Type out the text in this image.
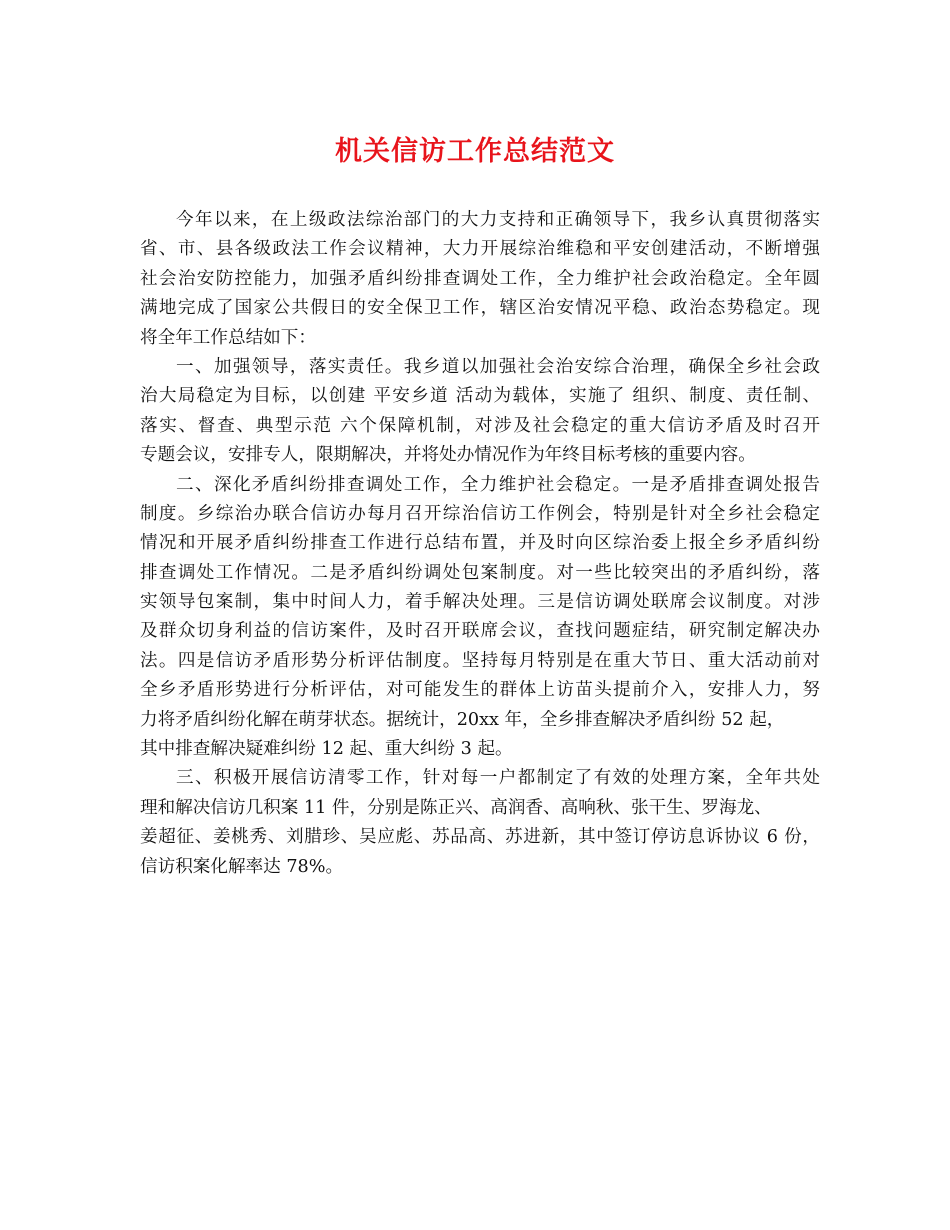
机关信访工作总结范文
今年以来，在上级政法综治部门的大力支持和正确领导下，我乡认真贯彻落实
省、市、县各级政法工作会议精神，大力开展综治维稳和平安创建活动，不断增强
社会治安防控能力，加强矛盾纠纷排查调处工作，全力维护社会政治稳定。全年圆
满地完成了国家公共假日的安全保卫工作，辖区治安情况平稳、政治态势稳定。现
将全年工作总结如下：
一、加强领导，落实责任。我乡道以加强社会治安综合治理，确保全乡社会政
治大局稳定为目标，以创建 平安乡道 活动为载体，实施了 组织、制度、责任制、
落实、督查、典型示范 六个保障机制，对涉及社会稳定的重大信访矛盾及时召开
专题会议，安排专人，限期解决，并将处办情况作为年终目标考核的重要内容。
二、深化矛盾纠纷排查调处工作，全力维护社会稳定。一是矛盾排查调处报告
制度。乡综治办联合信访办每月召开综治信访工作例会，特别是针对全乡社会稳定
情况和开展矛盾纠纷排查工作进行总结布置，并及时向区综治委上报全乡矛盾纠纷
排查调处工作情况。二是矛盾纠纷调处包案制度。对一些比较突出的矛盾纠纷，落
实领导包案制，集中时间人力，着手解决处理。三是信访调处联席会议制度。对涉
及群众切身利益的信访案件，及时召开联席会议，查找问题症结，研究制定解决办
法。四是信访矛盾形势分析评估制度。坚持每月特别是在重大节日、重大活动前对
全乡矛盾形势进行分析评估，对可能发生的群体上访苗头提前介入，安排人力，努
力将矛盾纠纷化解在萌芽状态。据统计，20xx 年，全乡排查解决矛盾纠纷 52 起，
其中排查解决疑难纠纷 12 起、重大纠纷 3 起。
三、积极开展信访清零工作，针对每一户都制定了有效的处理方案，全年共处
理和解决信访几积案 11 件，分别是陈正兴、高润香、高响秋、张干生、罗海龙、
姜超征、姜桃秀、刘腊珍、吴应彪、苏品高、苏进新，其中签订停访息诉协议 6 份，
信访积案化解率达 78%。
